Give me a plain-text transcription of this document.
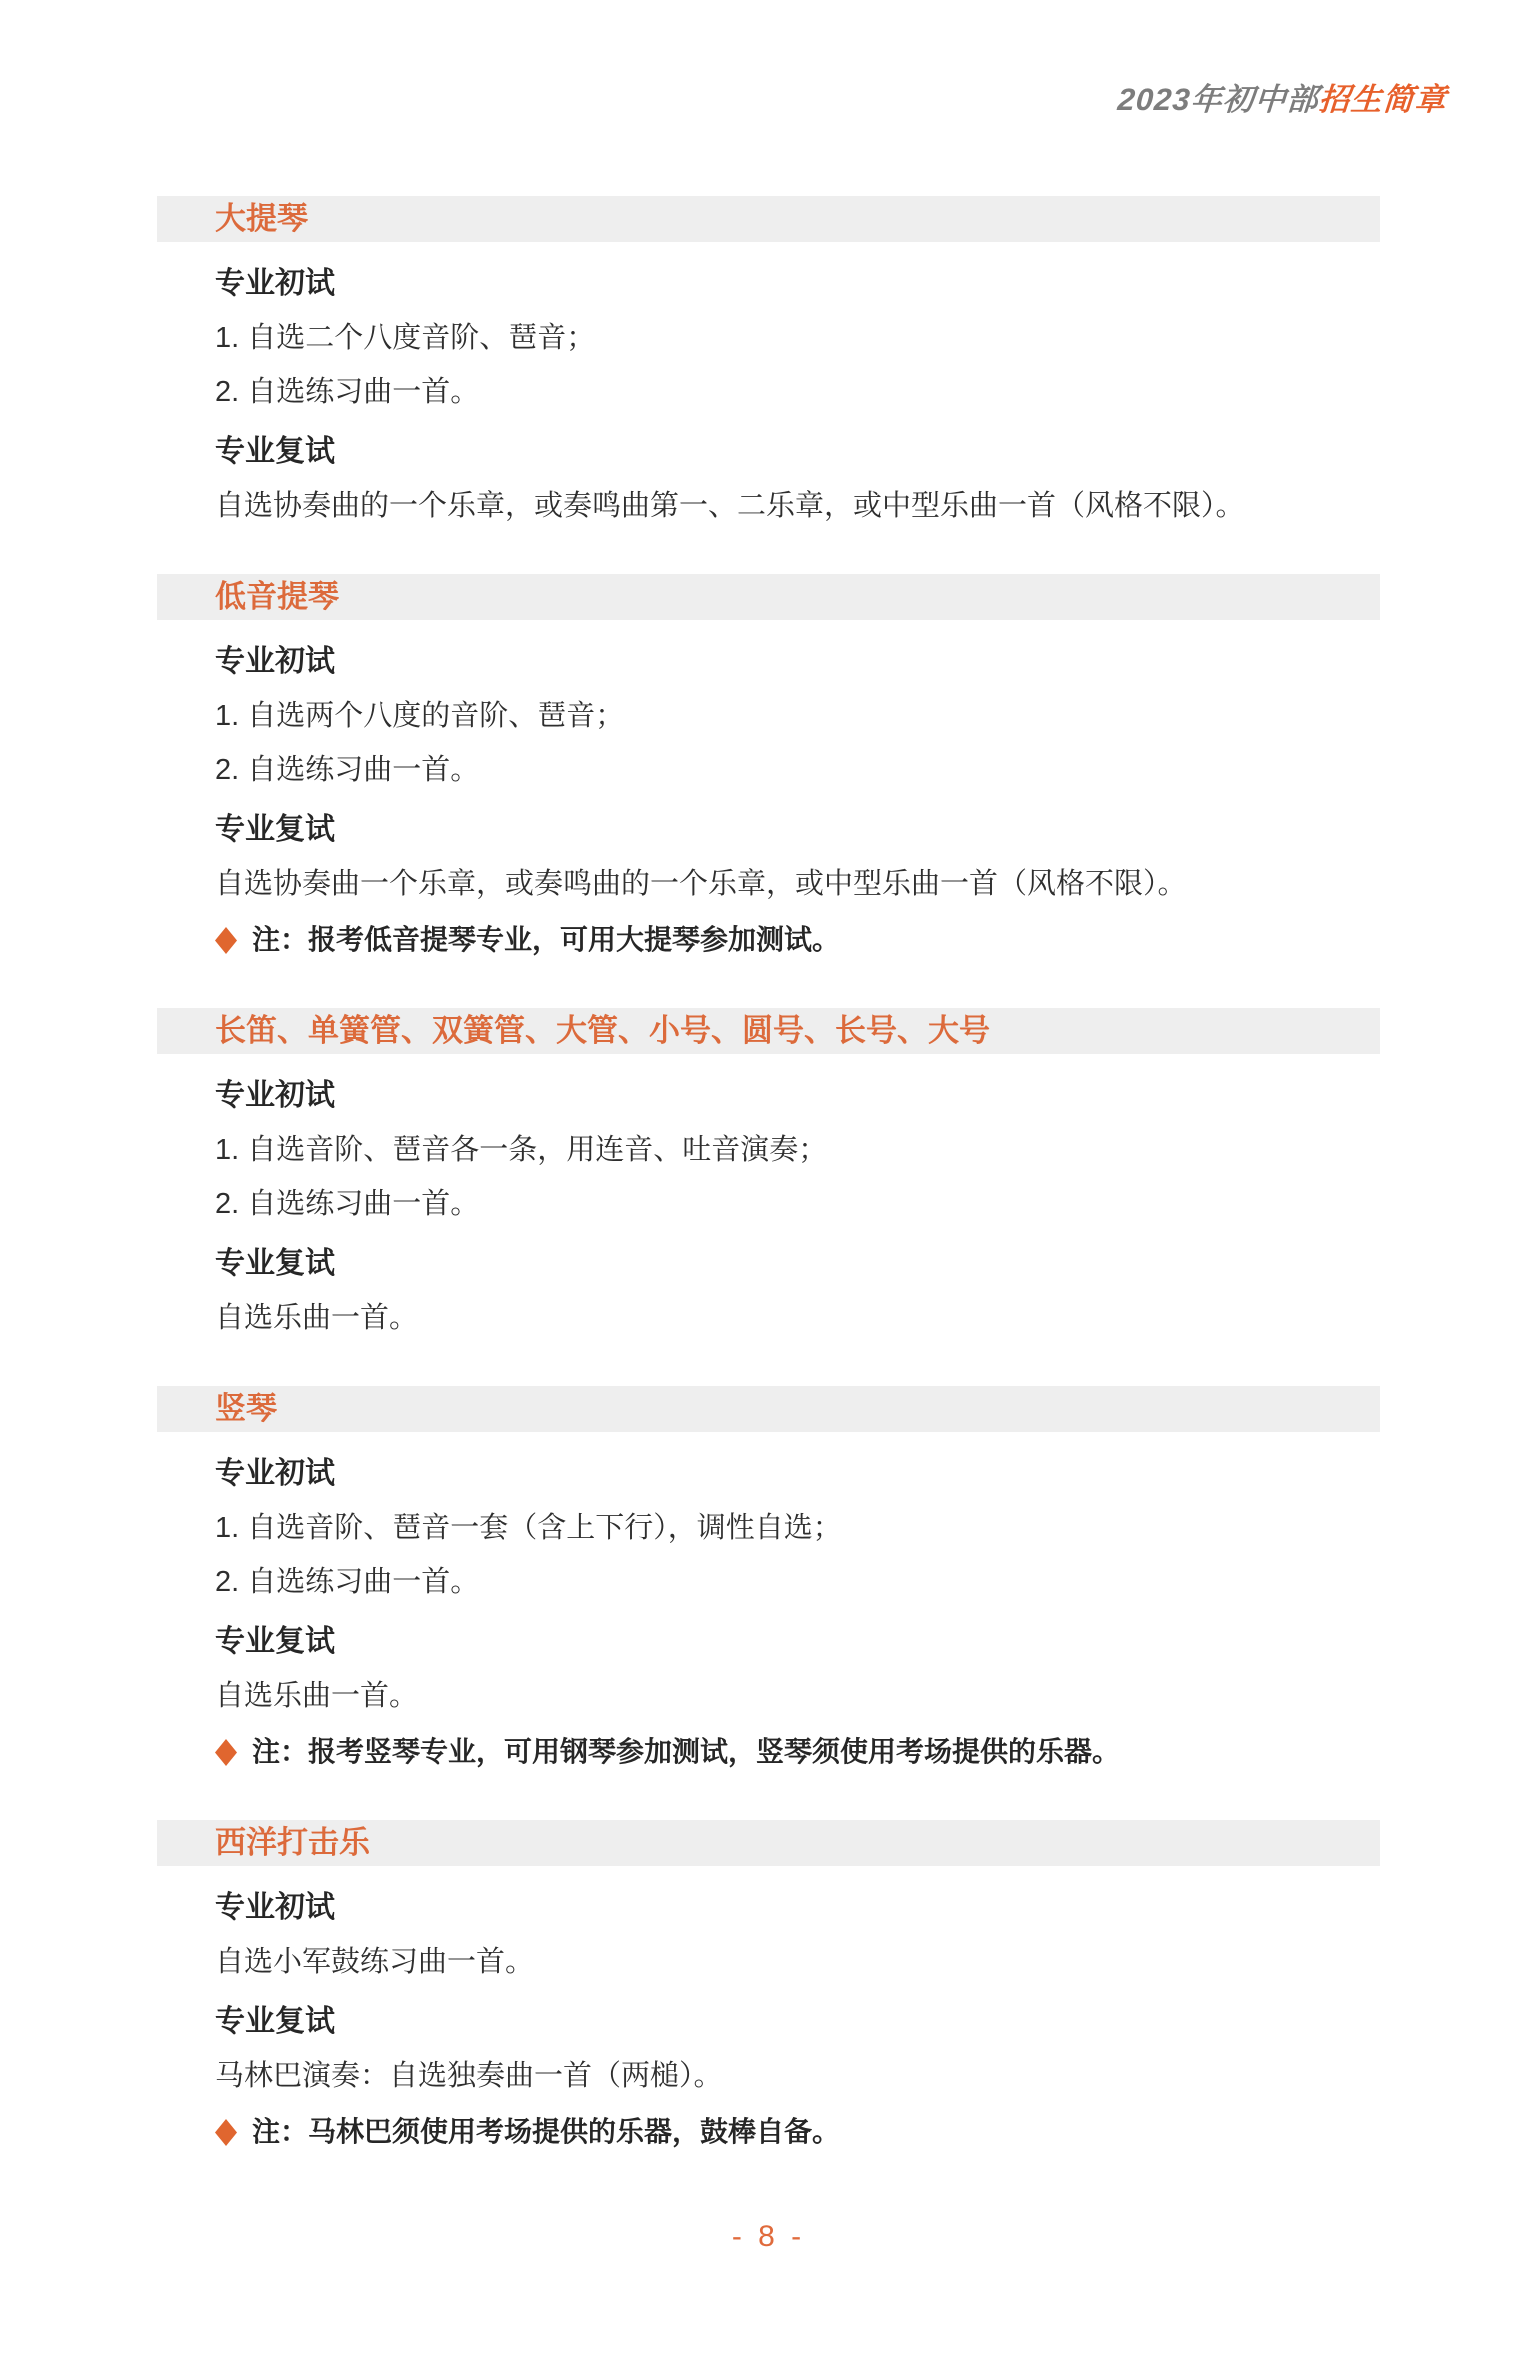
2023年初中部招生简章
大提琴
专业初试
1. 自选二个八度音阶、琶音；
2. 自选练习曲一首。
专业复试
自选协奏曲的一个乐章，或奏鸣曲第一、二乐章，或中型乐曲一首（风格不限）。
低音提琴
专业初试
1. 自选两个八度的音阶、琶音；
2. 自选练习曲一首。
专业复试
自选协奏曲一个乐章，或奏鸣曲的一个乐章，或中型乐曲一首（风格不限）。
注：报考低音提琴专业，可用大提琴参加测试。
长笛、单簧管、双簧管、大管、小号、圆号、长号、大号
专业初试
1. 自选音阶、琶音各一条，用连音、吐音演奏；
2. 自选练习曲一首。
专业复试
自选乐曲一首。
竖琴
专业初试
1. 自选音阶、琶音一套（含上下行），调性自选；
2. 自选练习曲一首。
专业复试
自选乐曲一首。
注：报考竖琴专业，可用钢琴参加测试，竖琴须使用考场提供的乐器。
西洋打击乐
专业初试
自选小军鼓练习曲一首。
专业复试
马林巴演奏：自选独奏曲一首（两槌）。
注：马林巴须使用考场提供的乐器，鼓棒自备。
- 8 -
